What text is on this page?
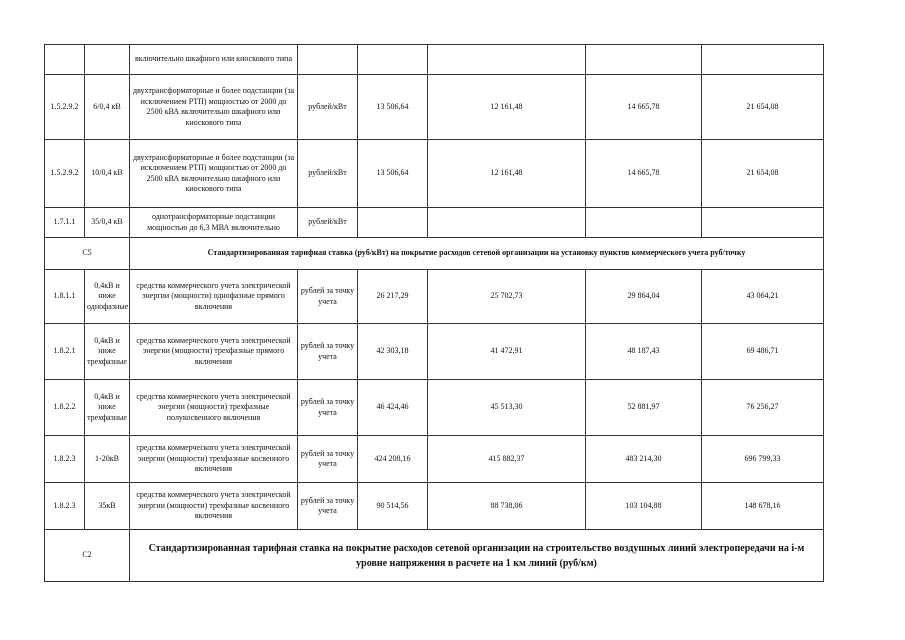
		включительно шкафного или киоскового типа					
1.5.2.9.2	6/0,4 кВ	двухтрансформаторные и более подстанции (за исключением РТП) мощностью от 2000 до 2500 кВА включительно шкафного или киоскового типа	рублей/кВт	13 506,64	12 161,48	14 665,78	21 654,08
1.5.2.9.2	10/0,4 кВ	двухтрансформаторные и более подстанции (за исключением РТП) мощностью от 2000 до 2500 кВА включительно шкафного или киоскового типа	рублей/кВт	13 506,64	12 161,48	14 665,78	21 654,08
1.7.1.1	35/0,4 кВ	однотрансформаторные подстанции мощностью до 6,3 МВА включительно	рублей/кВт				
C5		Стандартизированная тарифная ставка (руб/кВт) на покрытие расходов сетевой организации на установку пунктов коммерческого учета руб/точку					
1.8.1.1	0,4кВ и ниже однофазные	средства коммерческого учета электрической энергии (мощности) однофазные прямого включения	рублей за точку учета	26 217,29	25 702,73	29 864,04	43 064,21
1.8.2.1	0,4кВ и ниже трехфазные	средства коммерческого учета электрической энергии (мощности) трехфазные прямого включения	рублей за точку учета	42 303,18	41 472,91	48 187,43	69 486,71
1.8.2.2	0,4кВ и ниже трехфазные	средства коммерческого учета электрической энергии (мощности) трехфазные полукосвенного включения	рублей за точку учета	46 424,46	45 513,30	52 881,97	76 256,27
1.8.2.3	1-20кВ	средства коммерческого учета электрической энергии (мощности) трехфазные косвенного включения	рублей за точку учета	424 208,16	415 882,37	483 214,30	696 799,33
1.8.2.3	35кВ	средства коммерческого учета электрической энергии (мощности) трехфазные косвенного включения	рублей за точку учета	90 514,56	88 738,06	103 104,88	148 678,16
C2		Стандартизированная тарифная ставка на покрытие расходов сетевой организации на строительство воздушных линий электропередачи на i-м уровне напряжения в расчете на 1 км линий (руб/км)					
